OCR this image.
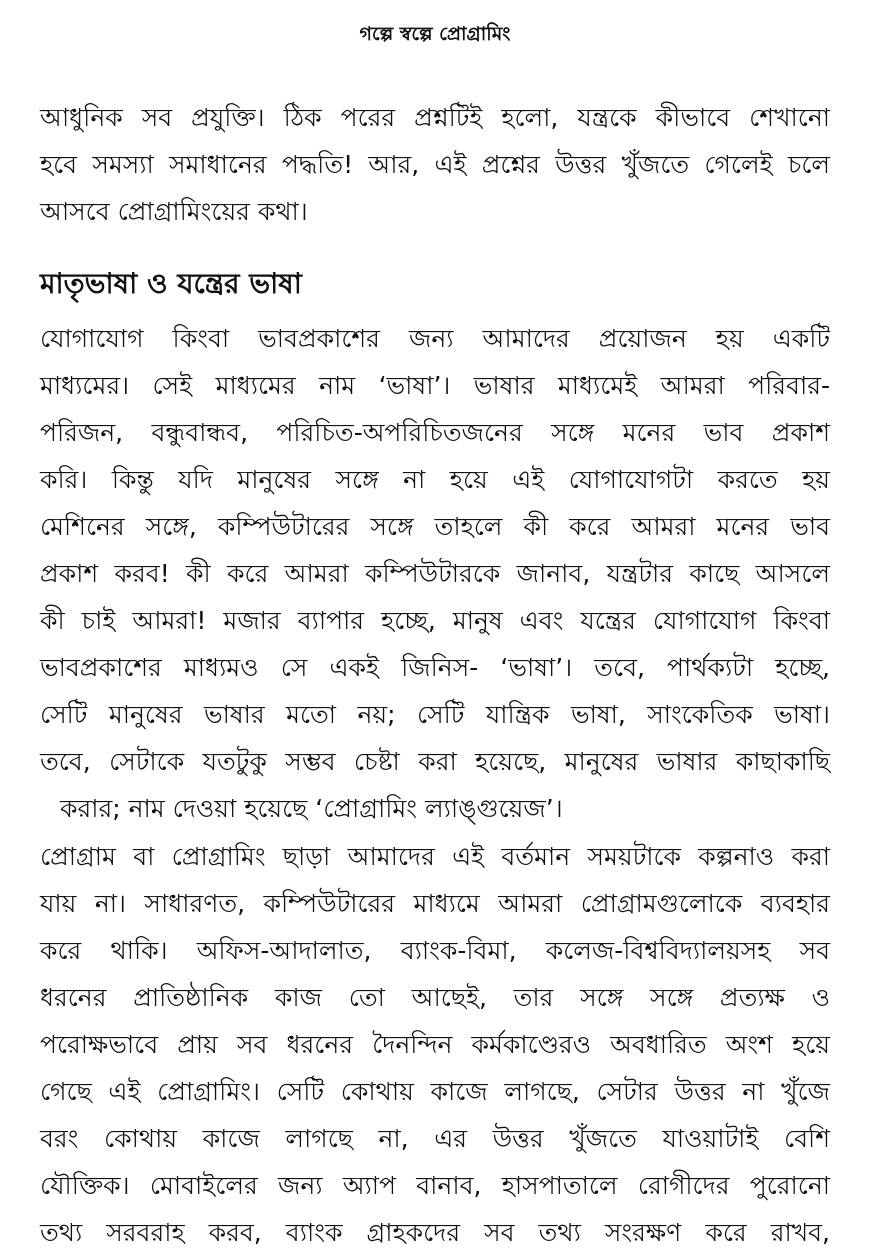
গল্পে স্বল্পে প্রোগ্রামিং
আধুনিক সব প্রযুক্তি। ঠিক পরের প্রশ্নটিই হলো, যন্ত্রকে কীভাবে শেখানো
হবে সমস্যা সমাধানের পদ্ধতি! আর, এই প্রশ্নের উত্তর খুঁজতে গেলেই চলে
আসবে প্রোগ্রামিংয়ের কথা।
মাতৃভাষা ও যন্ত্রের ভাষা
যোগাযোগ কিংবা ভাবপ্রকাশের জন্য আমাদের প্রয়োজন হয় একটি
মাধ্যমের। সেই মাধ্যমের নাম ‘ভাষা’। ভাষার মাধ্যমেই আমরা পরিবার-
পরিজন, বন্ধুবান্ধব, পরিচিত-অপরিচিতজনের সঙ্গে মনের ভাব প্রকাশ
করি। কিন্তু যদি মানুষের সঙ্গে না হয়ে এই যোগাযোগটা করতে হয়
মেশিনের সঙ্গে, কম্পিউটারের সঙ্গে তাহলে কী করে আমরা মনের ভাব
প্রকাশ করব! কী করে আমরা কম্পিউটারকে জানাব, যন্ত্রটার কাছে আসলে
কী চাই আমরা! মজার ব্যাপার হচ্ছে, মানুষ এবং যন্ত্রের যোগাযোগ কিংবা
ভাবপ্রকাশের মাধ্যমও সে একই জিনিস- ‘ভাষা’। তবে, পার্থক্যটা হচ্ছে,
সেটি মানুষের ভাষার মতো নয়; সেটি যান্ত্রিক ভাষা, সাংকেতিক ভাষা।
তবে, সেটাকে যতটুকু সম্ভব চেষ্টা করা হয়েছে, মানুষের ভাষার কাছাকাছি
করার; নাম দেওয়া হয়েছে ‘প্রোগ্রামিং ল্যাঙ্গুয়েজ’।
প্রোগ্রাম বা প্রোগ্রামিং ছাড়া আমাদের এই বর্তমান সময়টাকে কল্পনাও করা
যায় না। সাধারণত, কম্পিউটারের মাধ্যমে আমরা প্রোগ্রামগুলোকে ব্যবহার
করে থাকি। অফিস-আদালাত, ব্যাংক-বিমা, কলেজ-বিশ্ববিদ্যালয়সহ সব
ধরনের প্রাতিষ্ঠানিক কাজ তো আছেই, তার সঙ্গে সঙ্গে প্রত্যক্ষ ও
পরোক্ষভাবে প্রায় সব ধরনের দৈনন্দিন কর্মকাণ্ডেরও অবধারিত অংশ হয়ে
গেছে এই প্রোগ্রামিং। সেটি কোথায় কাজে লাগছে, সেটার উত্তর না খুঁজে
বরং কোথায় কাজে লাগছে না, এর উত্তর খুঁজতে যাওয়াটাই বেশি
যৌক্তিক। মোবাইলের জন্য অ্যাপ বানাব, হাসপাতালে রোগীদের পুরোনো
তথ্য সরবরাহ করব, ব্যাংক গ্রাহকদের সব তথ্য সংরক্ষণ করে রাখব,
